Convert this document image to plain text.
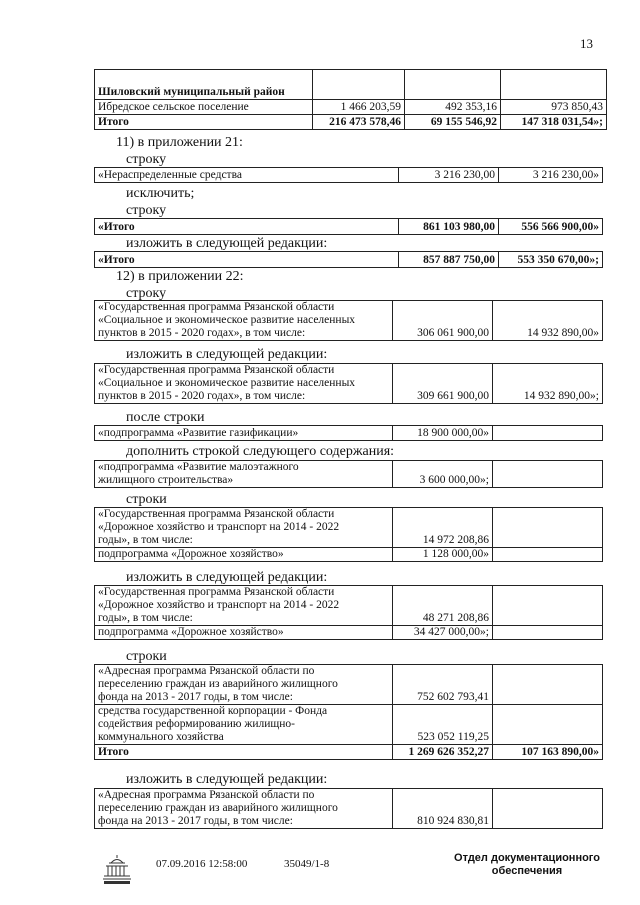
13
Шиловский муниципальный район			
Ибредское сельское поселение	1 466 203,59	492 353,16	973 850,43
Итого	216 473 578,46	69 155 546,92	147 318 031,54»;
11) в приложении 21:
строку
«Нераспределенные средства	3 216 230,00	3 216 230,00»
исключить;
строку
«Итого	861 103 980,00	556 566 900,00»
изложить в следующей редакции:
«Итого	857 887 750,00	553 350 670,00»;
12) в приложении 22:
строку
«Государственная программа Рязанской области
«Социальное и экономическое развитие населенных
пунктов в 2015 - 2020 годах», в том числе:	306 061 900,00	14 932 890,00»
изложить в следующей редакции:
«Государственная программа Рязанской области
«Социальное и экономическое развитие населенных
пунктов в 2015 - 2020 годах», в том числе:	309 661 900,00	14 932 890,00»;
после строки
«подпрограмма «Развитие газификации»	18 900 000,00»	
дополнить строкой следующего содержания:
«подпрограмма «Развитие малоэтажного
жилищного строительства»	3 600 000,00»;	
строки
«Государственная программа Рязанской области
«Дорожное хозяйство и транспорт на 2014 - 2022
годы», в том числе:	14 972 208,86	
подпрограмма «Дорожное хозяйство»	1 128 000,00»	
изложить в следующей редакции:
«Государственная программа Рязанской области
«Дорожное хозяйство и транспорт на 2014 - 2022
годы», в том числе:	48 271 208,86	
подпрограмма «Дорожное хозяйство»	34 427 000,00»;	
строки
«Адресная программа Рязанской области по
переселению граждан из аварийного жилищного
фонда на 2013 - 2017 годы, в том числе:	752 602 793,41	

средства государственной корпорации - Фонда
содействия реформированию жилищно-
коммунального хозяйства	523 052 119,25	
Итого	1 269 626 352,27	107 163 890,00»
изложить в следующей редакции:
«Адресная программа Рязанской области по
переселению граждан из аварийного жилищного
фонда на 2013 - 2017 годы, в том числе:	810 924 830,81	
07.09.2016 12:58:00	35049/1-8	Отдел документационного
обеспечения
